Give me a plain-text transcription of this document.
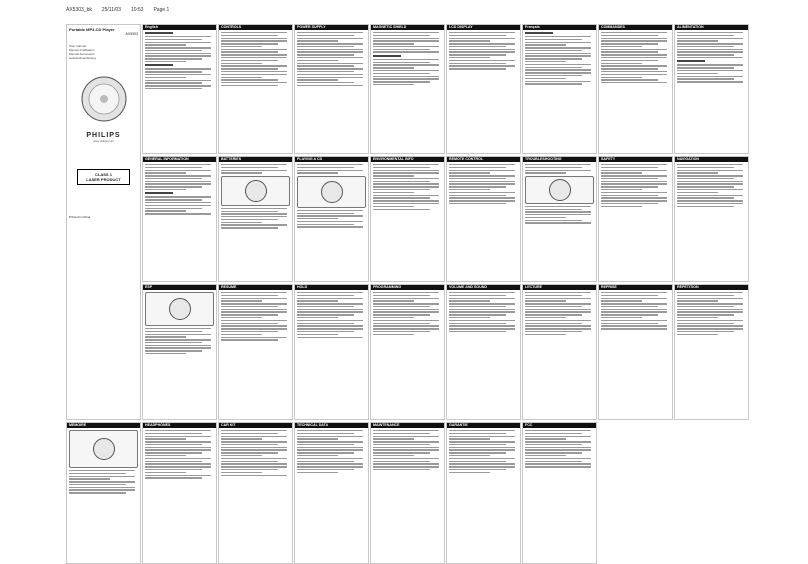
AX5303_bk 25/11/03 10:53 Page 1
Portable MP3-CD Player
AX5303
User manual
Manuel d'utilisation
Manual del usuario
Gebrauchsanleitung
PHILIPS
www.philips.com
CLASS 1
LASER PRODUCT
Printed in China
English	CONTROLS	POWER SUPPLY	MAGNETIC SHIELD	LCD DISPLAY	Français	COMMANDES	ALIMENTATION
GENERAL INFORMATION	BATTERIES	PLAYING A CD	ENVIRONMENTAL INFO	REMOTE CONTROL	TROUBLESHOOTING	SAFETY	NAVIGATION
ESP	RESUME	HOLD	PROGRAMMING	VOLUME AND SOUND	LECTURE	REPRISE	RÉPÉTITION
MEMOIRE	HEADPHONES	CAR KIT	TECHNICAL DATA	MAINTENANCE	GARANTIE	FCC
